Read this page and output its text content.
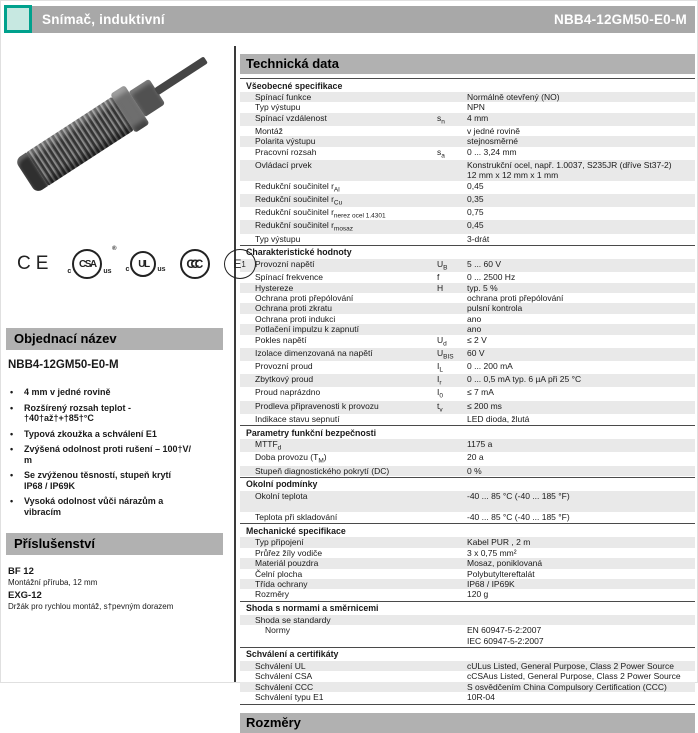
Snímač, induktivní	NBB4-12GM50-E0-M
CE c
CSA
us
®
c UL us CCC	E 1
Objednací název
NBB4-12GM50-E0-M
•	4 mm v jedné rovině
•	Rozšírený rozsah teplot -
†40†až†+†85†°C
•	Typová zkoužka a schválení E1
•	Zvýšená odolnost proti rušení – 100†V/
m
•	Se zvýženou těsností, stupeň krytí
IP68 / IP69K
•	Vysoká odolnost vůči nárazům a
vibracím
Příslušenství
BF 12
Montážní příruba, 12 mm
EXG-12
Držák pro rychlou montáž, s†pevným dorazem
Technická data
Všeobecné specifikace
Spínací funkce	Normálně otevřený (NO)
Typ výstupu	NPN
Spínací vzdálenost	$s_n$	4 mm
Montáž	v jedné rovině
Polarita výstupu	stejnosměrné
Pracovní rozsah	$s_a$	0 ... 3,24 mm
Ovládací prvek	Konstrukční ocel, např. 1.0037, S235JR (dříve St37-2)
12 mm x 12 mm x 1 mm
Redukční součinitel $r_{Al}$	0,45
Redukční součinitel $r_{Cu}$	0,35
Redukční součinitel $r_{nerez ocel 1.4301}$	0,75
Redukční součinitel $r_{mosaz}$	0,45
Typ výstupu	3-drát
Charakteristické hodnoty
Provozní napětí	$U_B$	5 ... 60 V
Spínací frekvence	f	0 ... 2500 Hz
Hystereze	H	typ. 5 %
Ochrana proti přepólování	ochrana proti přepólování
Ochrana proti zkratu	pulsní kontrola
Ochrana proti indukci	ano
Potlačení impulzu k zapnutí	ano
Pokles napětí	$U_d$	≤ 2 V
Izolace dimenzovaná na napětí	$U_{BIS}$	60 V
Provozní proud	$I_L$	0 ... 200 mA
Zbytkový proud	$I_r$	0 ... 0,5 mA typ. 6 µA při 25 °C
Proud naprázdno	$I_0$	≤ 7 mA
Prodleva připravenosti k provozu	$t_v$	≤ 200 ms
Indikace stavu sepnutí	LED dioda, žlutá
Parametry funkční bezpečnosti
$MTTF_d$	1175 a
Doba provozu $(T_M)$	20 a
Stupeň diagnostického pokrytí (DC)	0 %
Okolní podmínky
Okolní teplota	-40 ... 85 °C (-40 ... 185 °F)
Teplota při skladování	-40 ... 85 °C (-40 ... 185 °F)
Mechanické specifikace
Typ připojení	Kabel PUR , 2 m
Průřez žíly vodiče	3 x 0,75 mm²
Materiál pouzdra	Mosaz, poniklovaná
Čelní plocha	Polybutyltereftalát
Třída ochrany	IP68 / IP69K
Rozměry	120 g
Shoda s normami a směrnicemi
Shoda se standardy
Normy	EN 60947-5-2:2007
IEC 60947-5-2:2007
Schválení a certifikáty
Schválení UL	cULus Listed, General Purpose, Class 2 Power Source
Schválení CSA	cCSAus Listed, General Purpose, Class 2 Power Source
Schválení CCC	S osvědčením China Compulsory Certification (CCC)
Schválení typu E1	10R-04
Rozměry
